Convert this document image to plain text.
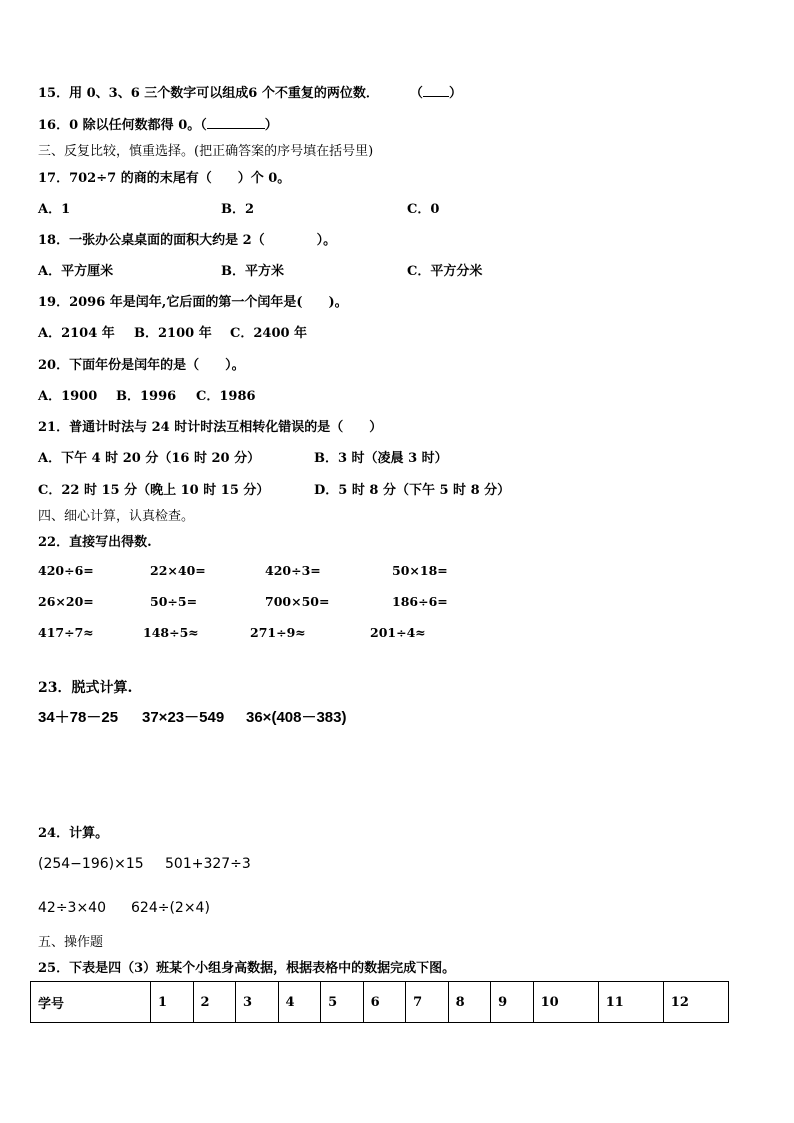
15．用 0、3、6 三个数字可以组成6 个不重复的两位数． （ ）
16．0 除以任何数都得 0。（	）
三、反复比较，慎重选择。(把正确答案的序号填在括号里)
17．702÷7 的商的末尾有（　　）个 0。
A．1	B．2	C．0
18．一张办公桌桌面的面积大约是 2（　　　　）。
A．平方厘米	B．平方米	C．平方分米
19．2096 年是闰年,它后面的第一个闰年是(　　)。
A．2104 年 B．2100 年 C．2400 年
20．下面年份是闰年的是（　　）。
A．1900 B．1996 C．1986
21．普通计时法与 24 时计时法互相转化错误的是（　　）
A．下午 4 时 20 分（16 时 20 分）	B．3 时（凌晨 3 时）
C．22 时 15 分（晚上 10 时 15 分）	D．5 时 8 分（下午 5 时 8 分）
四、细心计算，认真检查。
22．直接写出得数.
420÷6=	22×40=	420÷3=	50×18=
26×20=	50÷5=	700×50=	186÷6=
417÷7≈	148÷5≈	271÷9≈	201÷4≈
23．脱式计算.
34＋78－25 37×23－549 36×(408－383)
24．计算。
(254−196)×15 501+327÷3
42÷3×40 624÷(2×4)
五、操作题
25．下表是四（3）班某个小组身高数据，根据表格中的数据完成下图。
学号	1	2	3	4	5	6	7	8	9	10	11	12
